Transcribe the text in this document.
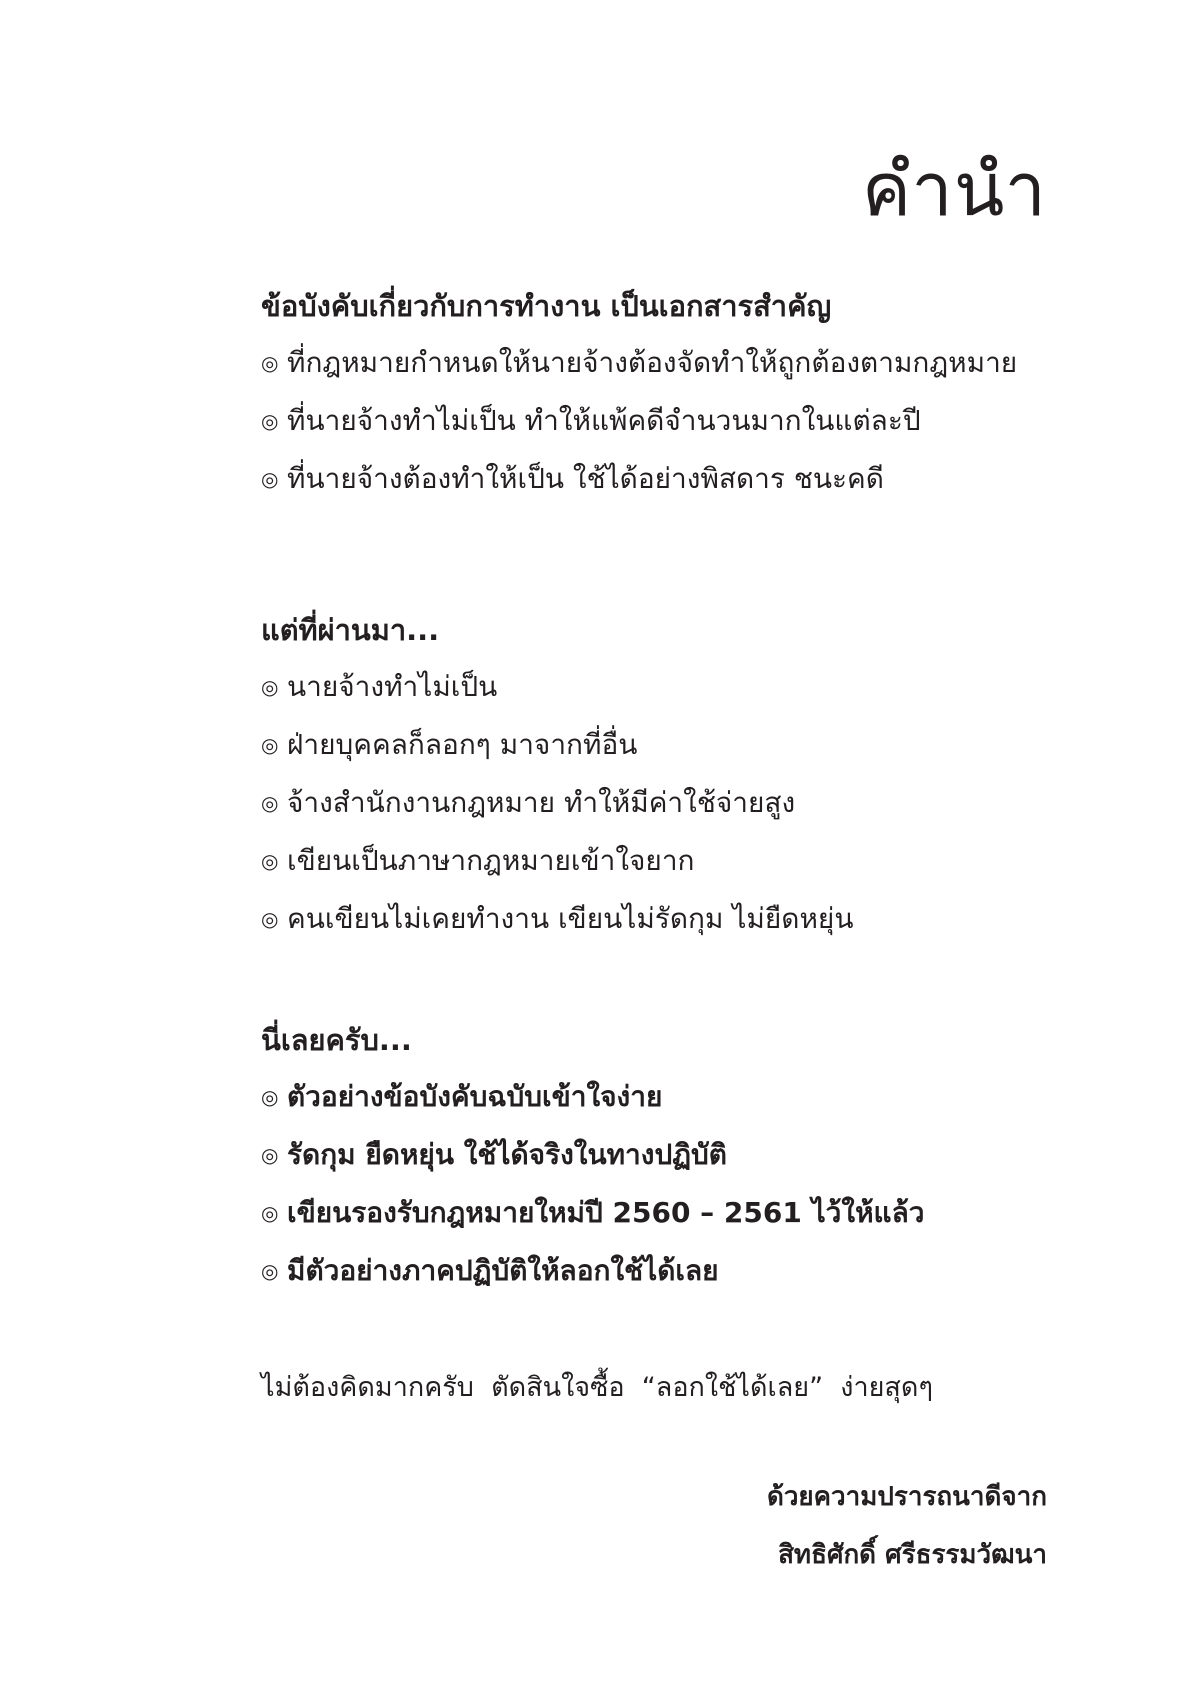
คำนำ
ข้อบังคับเกี่ยวกับการทำงาน เป็นเอกสารสำคัญ
◎ ที่กฎหมายกำหนดให้นายจ้างต้องจัดทำให้ถูกต้องตามกฎหมาย
◎ ที่นายจ้างทำไม่เป็น ทำให้แพ้คดีจำนวนมากในแต่ละปี
◎ ที่นายจ้างต้องทำให้เป็น ใช้ได้อย่างพิสดาร ชนะคดี
แต่ที่ผ่านมา...
◎ นายจ้างทำไม่เป็น
◎ ฝ่ายบุคคลก็ลอกๆ มาจากที่อื่น
◎ จ้างสำนักงานกฎหมาย ทำให้มีค่าใช้จ่ายสูง
◎ เขียนเป็นภาษากฎหมายเข้าใจยาก
◎ คนเขียนไม่เคยทำงาน เขียนไม่รัดกุม ไม่ยืดหยุ่น
นี่เลยครับ...
◎ ตัวอย่างข้อบังคับฉบับเข้าใจง่าย
◎ รัดกุม ยืดหยุ่น ใช้ได้จริงในทางปฏิบัติ
◎ เขียนรองรับกฎหมายใหม่ปี 2560 – 2561 ไว้ให้แล้ว
◎ มีตัวอย่างภาคปฏิบัติให้ลอกใช้ได้เลย

ไม่ต้องคิดมากครับ  ตัดสินใจซื้อ  “ลอกใช้ได้เลย”  ง่ายสุดๆ

ด้วยความปรารถนาดีจาก
สิทธิศักดิ์ ศรีธรรมวัฒนา
